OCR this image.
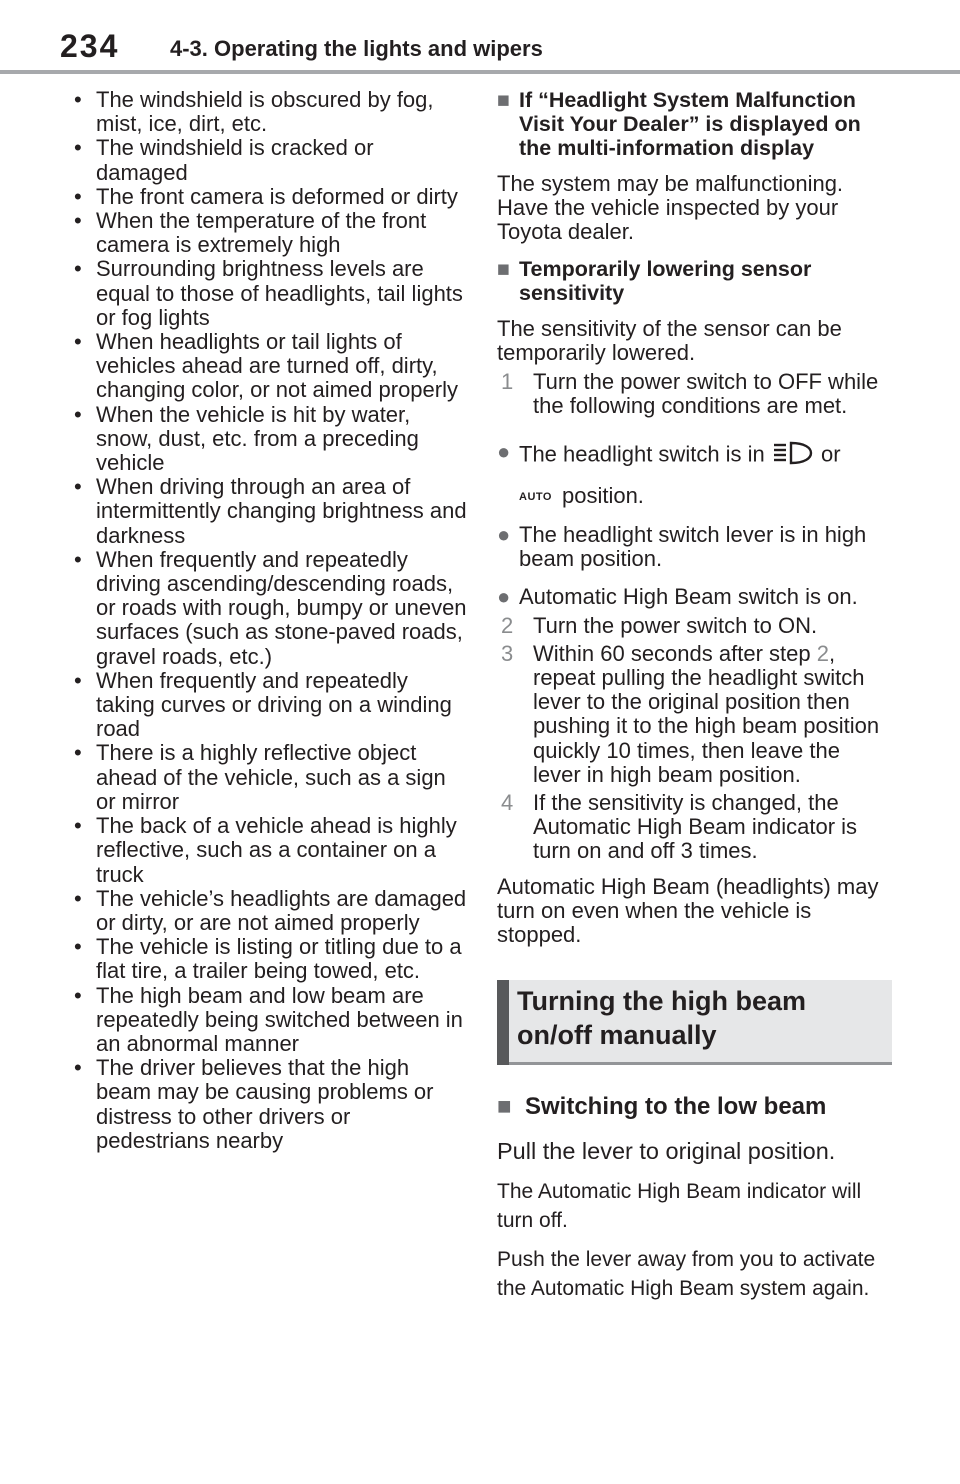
234 4-3. Operating the lights and wipers
• The windshield is obscured by fog, mist, ice, dirt, etc.
• The windshield is cracked or damaged
• The front camera is deformed or dirty
• When the temperature of the front camera is extremely high
• Surrounding brightness levels are equal to those of headlights, tail lights or fog lights
• When headlights or tail lights of vehicles ahead are turned off, dirty, changing color, or not aimed properly
• When the vehicle is hit by water, snow, dust, etc. from a preceding vehicle
• When driving through an area of intermittently changing brightness and darkness
• When frequently and repeatedly driving ascending/descending roads, or roads with rough, bumpy or uneven surfaces (such as stone-paved roads, gravel roads, etc.)
• When frequently and repeatedly taking curves or driving on a winding road
• There is a highly reflective object ahead of the vehicle, such as a sign or mirror
• The back of a vehicle ahead is highly reflective, such as a container on a truck
• The vehicle’s headlights are damaged or dirty, or are not aimed properly
• The vehicle is listing or titling due to a flat tire, a trailer being towed, etc.
• The high beam and low beam are repeatedly being switched between in an abnormal manner
• The driver believes that the high beam may be causing problems or distress to other drivers or pedestrians nearby
■ If “Headlight System Malfunction Visit Your Dealer” is displayed on the multi-information display

The system may be malfunctioning. Have the vehicle inspected by your Toyota dealer.

■ Temporarily lowering sensor sensitivity

The sensitivity of the sensor can be temporarily lowered.

1 Turn the power switch to OFF while the following conditions are met.
● The headlight switch is in	or
AUTO position.
● The headlight switch lever is in high beam position.
● Automatic High Beam switch is on.
2 Turn the power switch to ON.
3 Within 60 seconds after step 2, repeat pulling the headlight switch lever to the original position then pushing it to the high beam position quickly 10 times, then leave the lever in high beam position.
4 If the sensitivity is changed, the Automatic High Beam indicator is turn on and off 3 times.

Automatic High Beam (headlights) may turn on even when the vehicle is stopped.

Turning the high beam on/off manually
■ Switching to the low beam

Pull the lever to original position.

The Automatic High Beam indicator will turn off.

Push the lever away from you to activate the Automatic High Beam system again.
